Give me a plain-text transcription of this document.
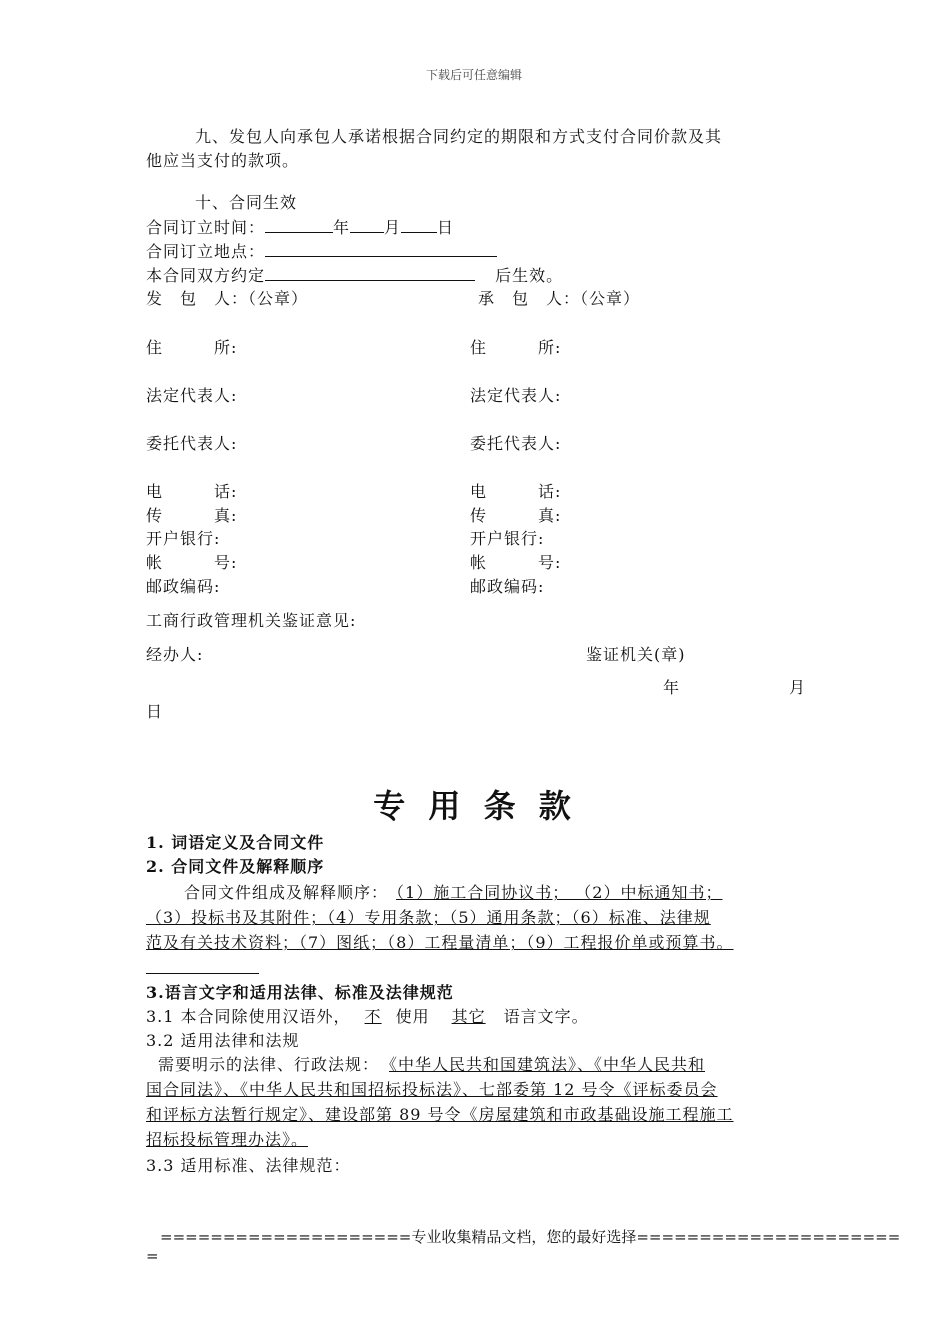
下载后可任意编辑
九、发包人向承包人承诺根据合同约定的期限和方式支付合同价款及其
他应当支付的款项。
十、合同生效
合同订立时间：	年 月 日
合同订立地点：
本合同双方约定	后生效。
发　包　人：（公章）	承　包　人：（公章）
住　　　所:	住　　　所:
法定代表人:	法定代表人:
委托代表人:	委托代表人:
电　　　话:	电　　　话:
传　　　真:	传　　　真:
开户银行:	开户银行:
帐　　　号:	帐　　　号:
邮政编码:	邮政编码:
工商行政管理机关鉴证意见:
经办人:	鉴证机关(章)
年	月
日
专 用 条 款
1. 词语定义及合同文件
2. 合同文件及解释顺序
合同文件组成及解释顺序： （1）施工合同协议书； （2）中标通知书；
（3）投标书及其附件；（4）专用条款；（5）通用条款；（6）标准、法律规
范及有关技术资料；（7）图纸；（8）工程量清单；（9）工程报价单或预算书。
3.语言文字和适用法律、标准及法律规范
3.1 本合同除使用汉语外， 不 使用 其它 语言文字。
3.2 适用法律和法规
需要明示的法律、行政法规： 《中华人民共和国建筑法》、《中华人民共和
国合同法》、《中华人民共和国招标投标法》、七部委第 12 号令《评标委员会
和评标方法暂行规定》、建设部第 89 号令《房屋建筑和市政基础设施工程施工
招标投标管理办法》。
3.3 适用标准、法律规范：
====================专业收集精品文档，您的最好选择=====================
=
